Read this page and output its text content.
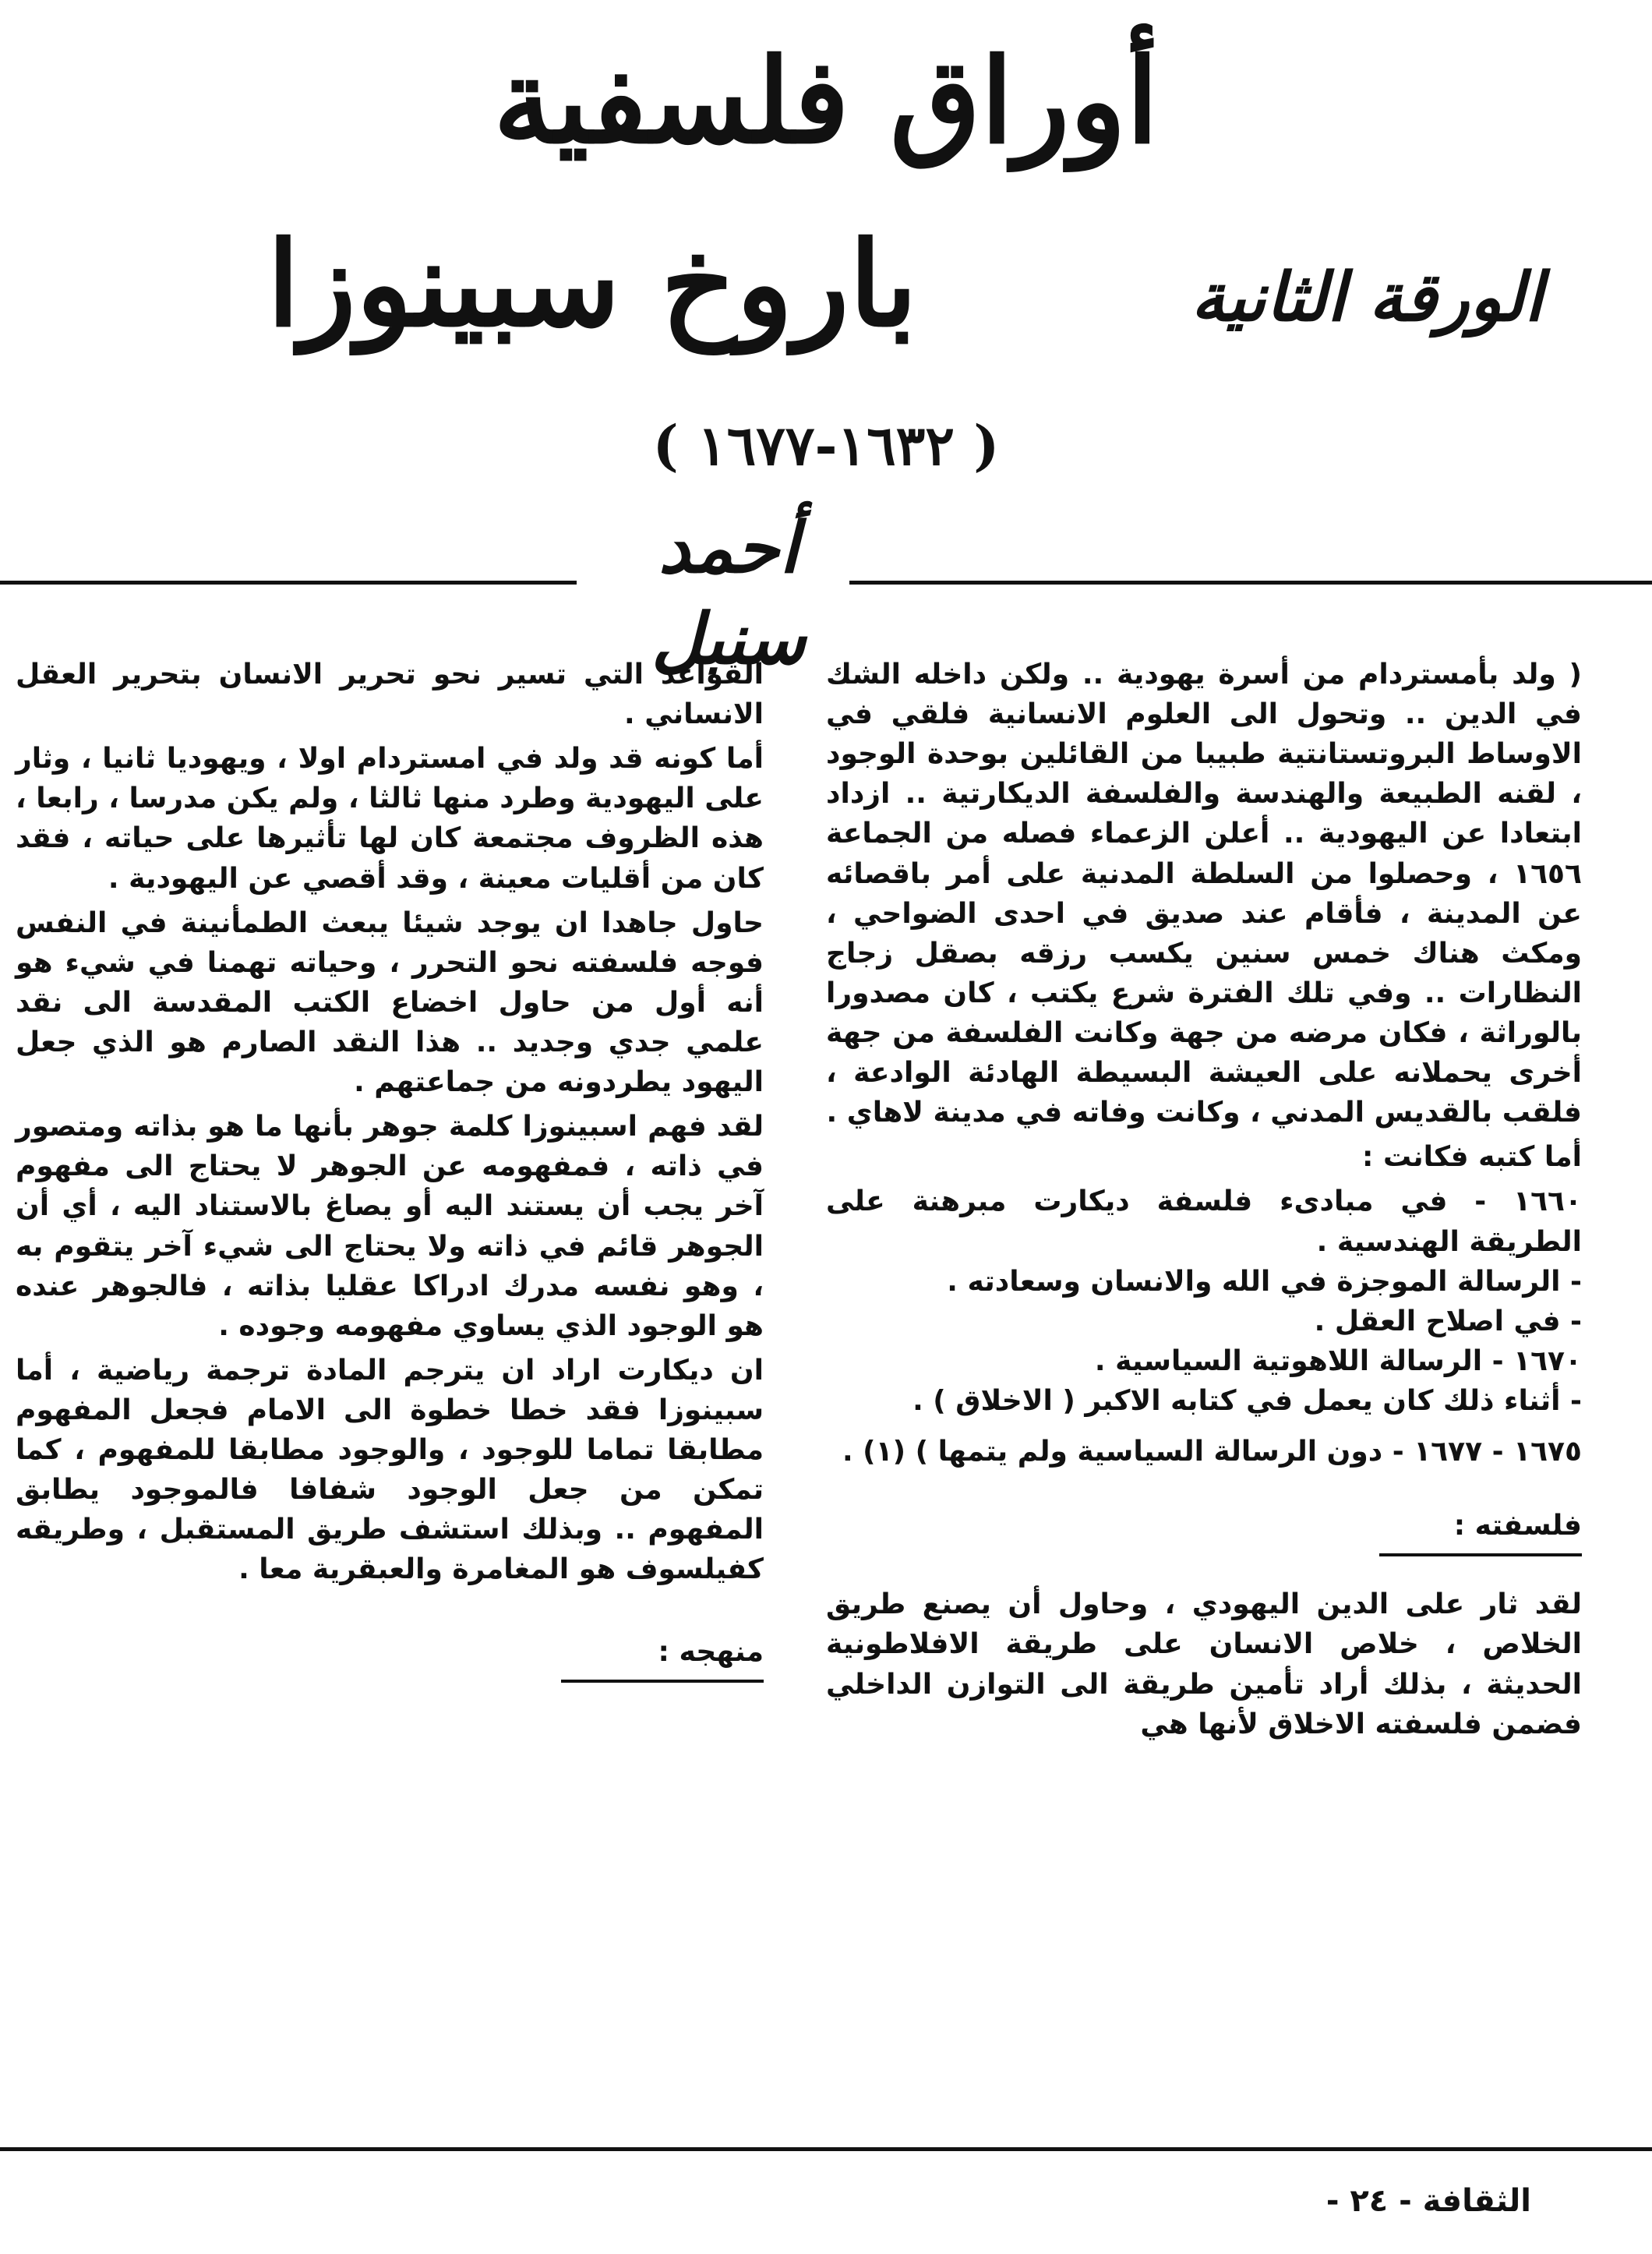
أوراق فلسفية
الورقة الثانية
باروخ سبينوزا
( ١٦٣٢-١٦٧٧ )
أحمد سنبل ( ولد بأمستردام من أسرة يهودية .. ولكن داخله الشك في الدين .. وتحول الى العلوم الانسانية فلقي في الاوساط البروتستانتية طبيبا من القائلين بوحدة الوجود ، لقنه الطبيعة والهندسة والفلسفة الديكارتية .. ازداد ابتعادا عن اليهودية .. أعلن الزعماء فصله من الجماعة ١٦٥٦ ، وحصلوا من السلطة المدنية على أمر باقصائه عن المدينة ، فأقام عند صديق في احدى الضواحي ، ومكث هناك خمس سنين يكسب رزقه بصقل زجاج النظارات .. وفي تلك الفترة شرع يكتب ، كان مصدورا بالوراثة ، فكان مرضه من جهة وكانت الفلسفة من جهة أخرى يحملانه على العيشة البسيطة الهادئة الوادعة ، فلقب بالقديس المدني ، وكانت وفاته في مدينة لاهاي .

أما كتبه فكانت :

١٦٦٠ - في مبادىء فلسفة ديكارت مبرهنة على الطريقة الهندسية .

- الرسالة الموجزة في الله والانسان وسعادته .

- في اصلاح العقل .

١٦٧٠ - الرسالة اللاهوتية السياسية .

- أثناء ذلك كان يعمل في كتابه الاكبر ( الاخلاق ) .

١٦٧٥ - ١٦٧٧ - دون الرسالة السياسية ولم يتمها ) (١) .

فلسفته :

لقد ثار على الدين اليهودي ، وحاول أن يصنع طريق الخلاص ، خلاص الانسان على طريقة الافلاطونية الحديثة ، بذلك أراد تأمين طريقة الى التوازن الداخلي فضمن فلسفته الاخلاق لأنها هي

القواعد التي تسير نحو تحرير الانسان بتحرير العقل الانساني .

أما كونه قد ولد في امستردام اولا ، ويهوديا ثانيا ، وثار على اليهودية وطرد منها ثالثا ، ولم يكن مدرسا ، رابعا ، هذه الظروف مجتمعة كان لها تأثيرها على حياته ، فقد كان من أقليات معينة ، وقد أقصي عن اليهودية .

حاول جاهدا ان يوجد شيئا يبعث الطمأنينة في النفس فوجه فلسفته نحو التحرر ، وحياته تهمنا في شيء هو أنه أول من حاول اخضاع الكتب المقدسة الى نقد علمي جدي وجديد .. هذا النقد الصارم هو الذي جعل اليهود يطردونه من جماعتهم .

لقد فهم اسبينوزا كلمة جوهر بأنها ما هو بذاته ومتصور في ذاته ، فمفهومه عن الجوهر لا يحتاج الى مفهوم آخر يجب أن يستند اليه أو يصاغ بالاستناد اليه ، أي أن الجوهر قائم في ذاته ولا يحتاج الى شيء آخر يتقوم به ، وهو نفسه مدرك ادراكا عقليا بذاته ، فالجوهر عنده هو الوجود الذي يساوي مفهومه وجوده .

ان ديكارت اراد ان يترجم المادة ترجمة رياضية ، أما سبينوزا فقد خطا خطوة الى الامام فجعل المفهوم مطابقا تماما للوجود ، والوجود مطابقا للمفهوم ، كما تمكن من جعل الوجود شفافا فالموجود يطابق المفهوم .. وبذلك استشف طريق المستقبل ، وطريقه كفيلسوف هو المغامرة والعبقرية معا .

منهجه :
الثقافة - ٢٤ -
